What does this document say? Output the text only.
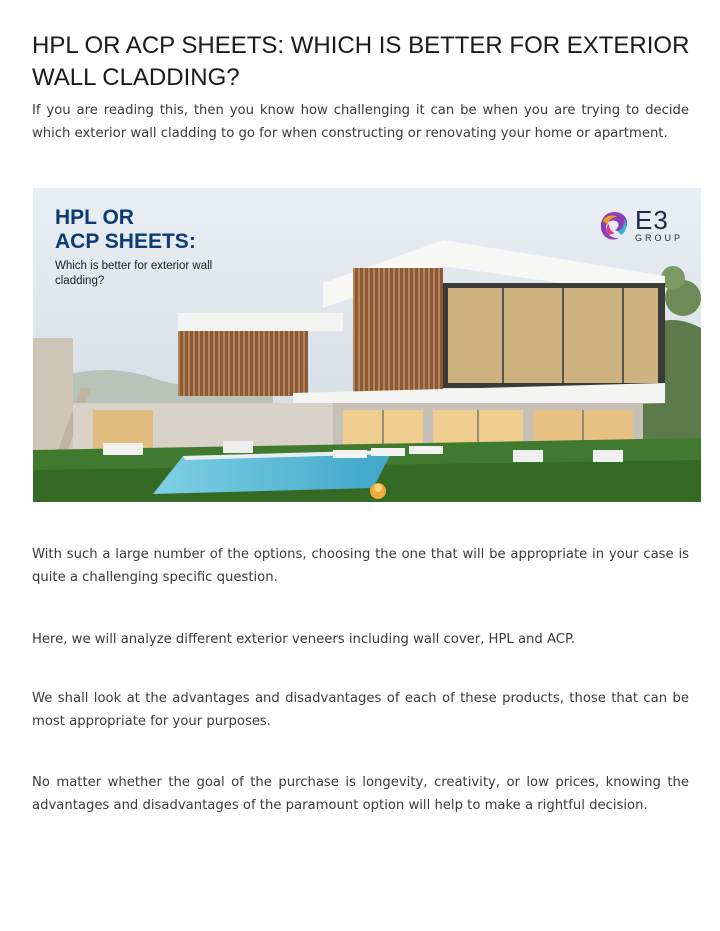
HPL OR ACP SHEETS: WHICH IS BETTER FOR EXTERIOR WALL CLADDING?

If you are reading this, then you know how challenging it can be when you are trying to decide which exterior wall cladding to go for when constructing or renovating your home or apartment.

HPL OR
ACP SHEETS:
Which is better for exterior wall cladding?
E3
GROUP

With such a large number of the options, choosing the one that will be appropriate in your case is quite a challenging specific question.

Here, we will analyze different exterior veneers including wall cover, HPL and ACP.

We shall look at the advantages and disadvantages of each of these products, those that can be most appropriate for your purposes.

No matter whether the goal of the purchase is longevity, creativity, or low prices, knowing the advantages and disadvantages of the paramount option will help to make a rightful decision.
